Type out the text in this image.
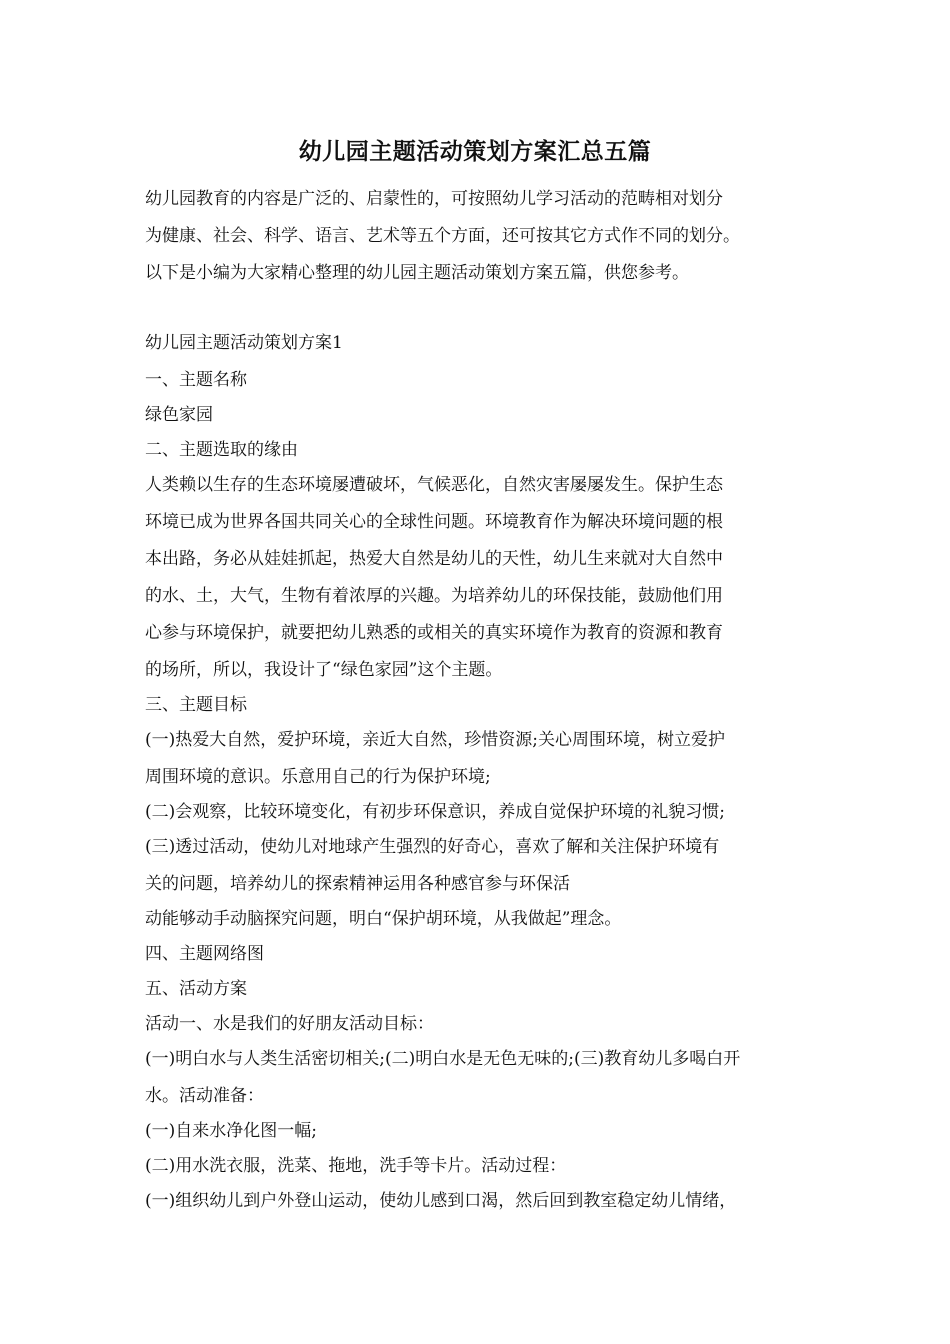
幼儿园主题活动策划方案汇总五篇
幼儿园教育的内容是广泛的、启蒙性的，可按照幼儿学习活动的范畴相对划分
为健康、社会、科学、语言、艺术等五个方面，还可按其它方式作不同的划分。
以下是小编为大家精心整理的幼儿园主题活动策划方案五篇，供您参考。
幼儿园主题活动策划方案1
一、主题名称
绿色家园
二、主题选取的缘由
人类赖以生存的生态环境屡遭破坏，气候恶化，自然灾害屡屡发生。保护生态
环境已成为世界各国共同关心的全球性问题。环境教育作为解决环境问题的根
本出路，务必从娃娃抓起，热爱大自然是幼儿的天性，幼儿生来就对大自然中
的水、土，大气，生物有着浓厚的兴趣。为培养幼儿的环保技能，鼓励他们用
心参与环境保护，就要把幼儿熟悉的或相关的真实环境作为教育的资源和教育
的场所，所以，我设计了“绿色家园”这个主题。
三、主题目标
(一)热爱大自然，爱护环境，亲近大自然，珍惜资源;关心周围环境，树立爱护
周围环境的意识。乐意用自己的行为保护环境;
(二)会观察，比较环境变化，有初步环保意识，养成自觉保护环境的礼貌习惯;
(三)透过活动，使幼儿对地球产生强烈的好奇心，喜欢了解和关注保护环境有
关的问题，培养幼儿的探索精神运用各种感官参与环保活
动能够动手动脑探究问题，明白“保护胡环境，从我做起”理念。
四、主题网络图
五、活动方案
活动一、水是我们的好朋友活动目标：
(一)明白水与人类生活密切相关;(二)明白水是无色无味的;(三)教育幼儿多喝白开
水。活动准备：
(一)自来水净化图一幅;
(二)用水洗衣服，洗菜、拖地，洗手等卡片。活动过程：
(一)组织幼儿到户外登山运动，使幼儿感到口渴，然后回到教室稳定幼儿情绪，
